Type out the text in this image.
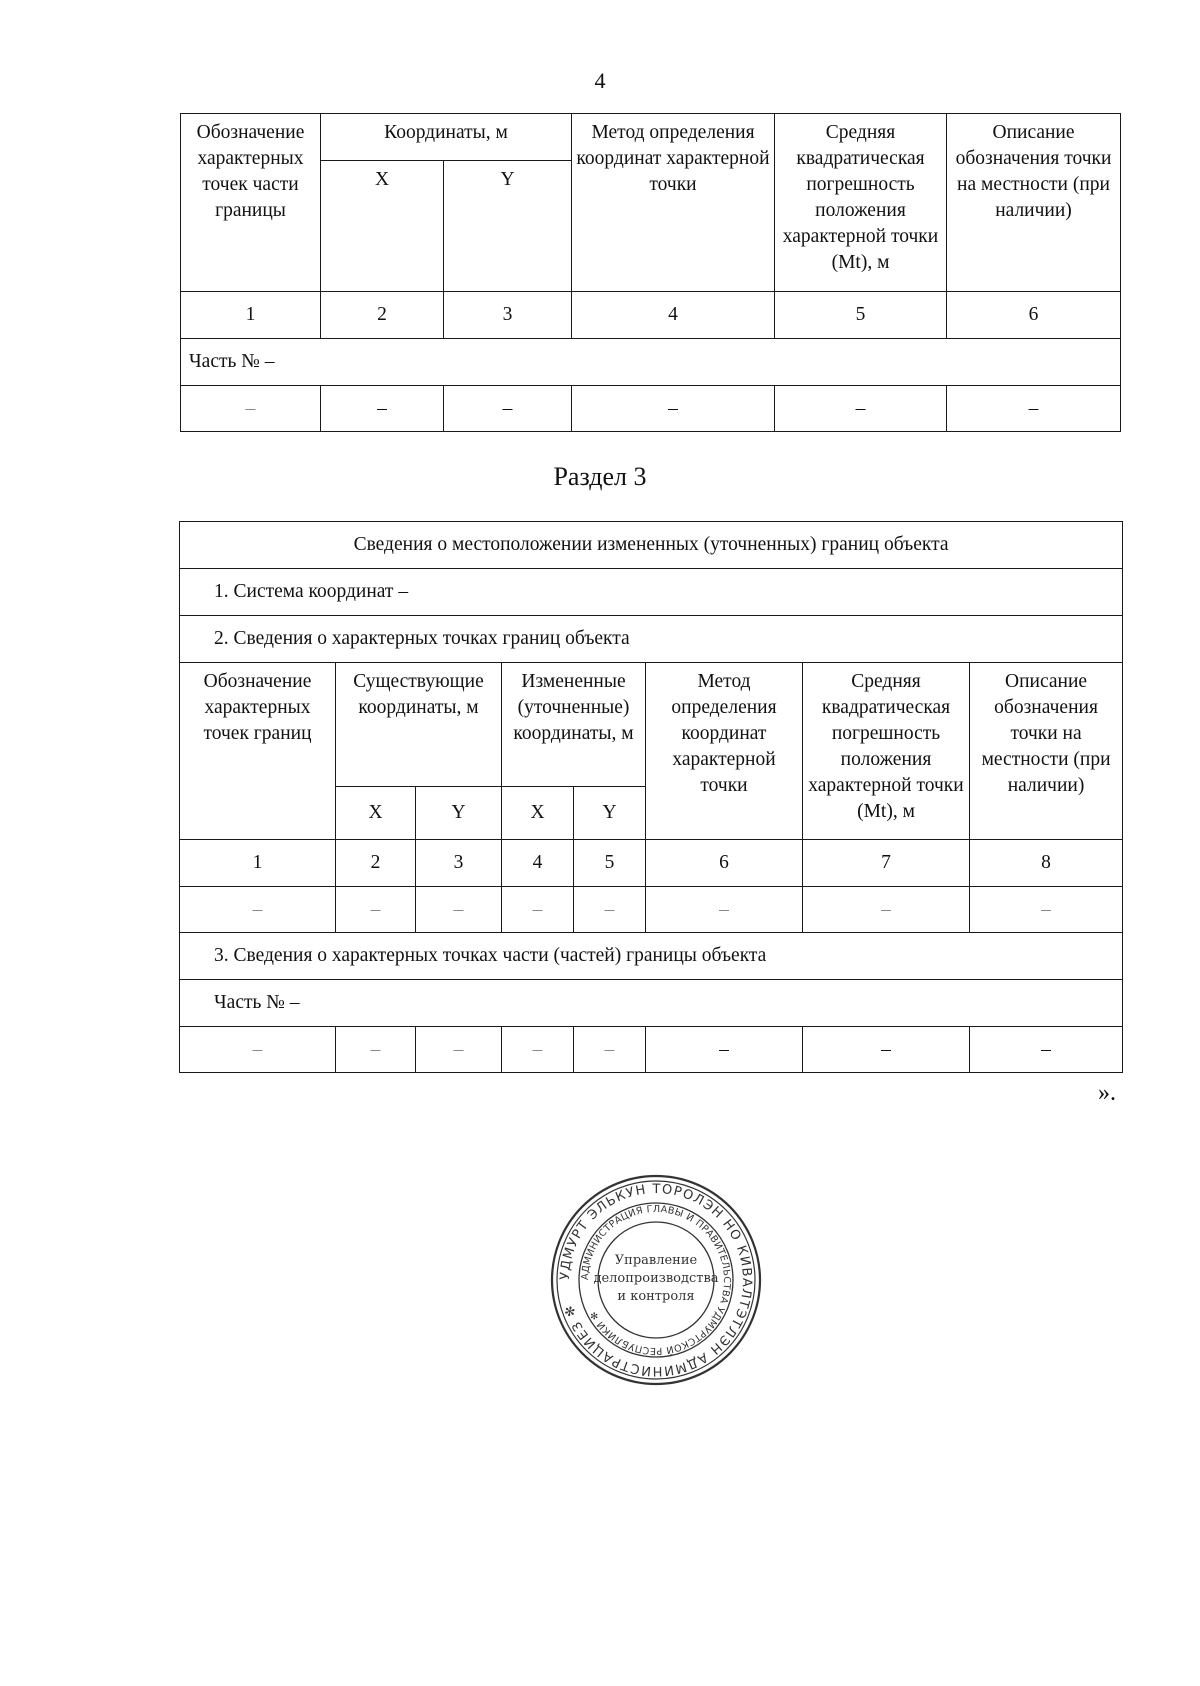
4
Обозначение характерных точек части границы	Координаты, м		Метод определения координат характерной точки	Средняя квадратическая погрешность положения характерной точки (Mt), м	Описание обозначения точки на местности (при наличии)
	X	Y			
1	2	3	4	5	6
Часть № –					
–	–	–	–	–	–
Раздел 3
Сведения о местоположении измененных (уточненных) границ объекта							
1. Система координат –							
2. Сведения о характерных точках границ объекта							
Обозначение характерных точек границ	Существующие координаты, м		Измененные (уточненные) координаты, м		Метод определения координат характерной точки	Средняя квадратическая погрешность положения характерной точки (Mt), м	Описание обозначения точки на местности (при наличии)
	X	Y	X	Y			
1	2	3	4	5	6	7	8
–	–	–	–	–	–	–	–
3. Сведения о характерных точках части (частей) границы объекта							
Часть № –							
–	–	–	–	–	–	–	–
».
УДМУРТ ЭЛЬКУН ТОРОЛЭН НО КИВАЛТЭТЛЭН АДМИНИСТРАЦИЕЗ ✻
АДМИНИСТРАЦИЯ ГЛАВЫ И ПРАВИТЕЛЬСТВА УДМУРТСКОЙ РЕСПУБЛИКИ ✻
Управление
делопроизводства
и контроля
